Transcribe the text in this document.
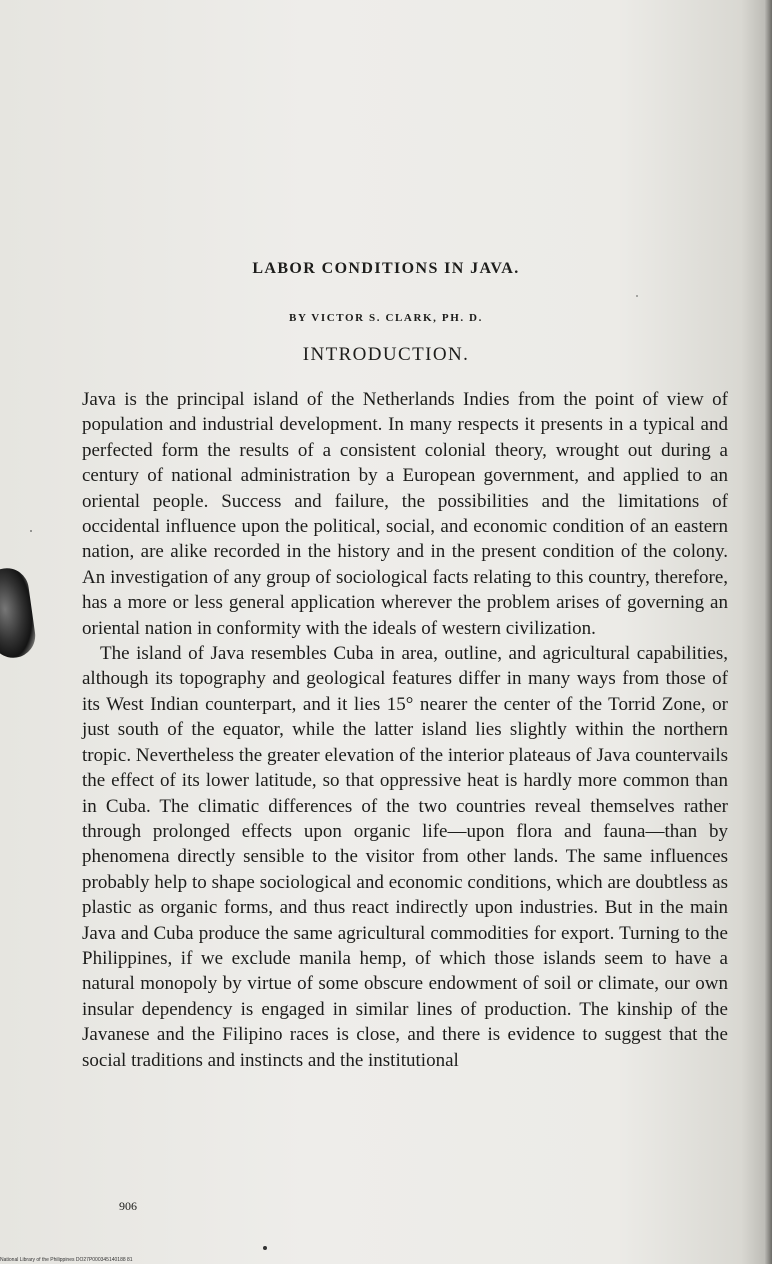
LABOR CONDITIONS IN JAVA.
BY VICTOR S. CLARK, PH. D.
INTRODUCTION.

Java is the principal island of the Netherlands Indies from the point of view of population and industrial development. In many respects it presents in a typical and perfected form the results of a consistent colonial theory, wrought out during a century of national administration by a European government, and applied to an oriental people. Success and failure, the possibilities and the limitations of occidental influence upon the political, social, and economic condition of an eastern nation, are alike recorded in the history and in the present condition of the colony. An investigation of any group of sociological facts relating to this country, therefore, has a more or less general application wherever the problem arises of governing an oriental nation in conformity with the ideals of western civilization.

The island of Java resembles Cuba in area, outline, and agricultural capabilities, although its topography and geological features differ in many ways from those of its West Indian counterpart, and it lies 15° nearer the center of the Torrid Zone, or just south of the equator, while the latter island lies slightly within the northern tropic. Nevertheless the greater elevation of the interior plateaus of Java countervails the effect of its lower latitude, so that oppressive heat is hardly more common than in Cuba. The climatic differences of the two countries reveal themselves rather through prolonged effects upon organic life—upon flora and fauna—than by phenomena directly sensible to the visitor from other lands. The same influences probably help to shape sociological and economic conditions, which are doubtless as plastic as organic forms, and thus react indirectly upon industries. But in the main Java and Cuba produce the same agricultural commodities for export. Turning to the Philippines, if we exclude manila hemp, of which those islands seem to have a natural monopoly by virtue of some obscure endowment of soil or climate, our own insular dependency is engaged in similar lines of production. The kinship of the Javanese and the Filipino races is close, and there is evidence to suggest that the social traditions and instincts and the institutional

906
National Library of the Philippines DO27P000345140188 81
